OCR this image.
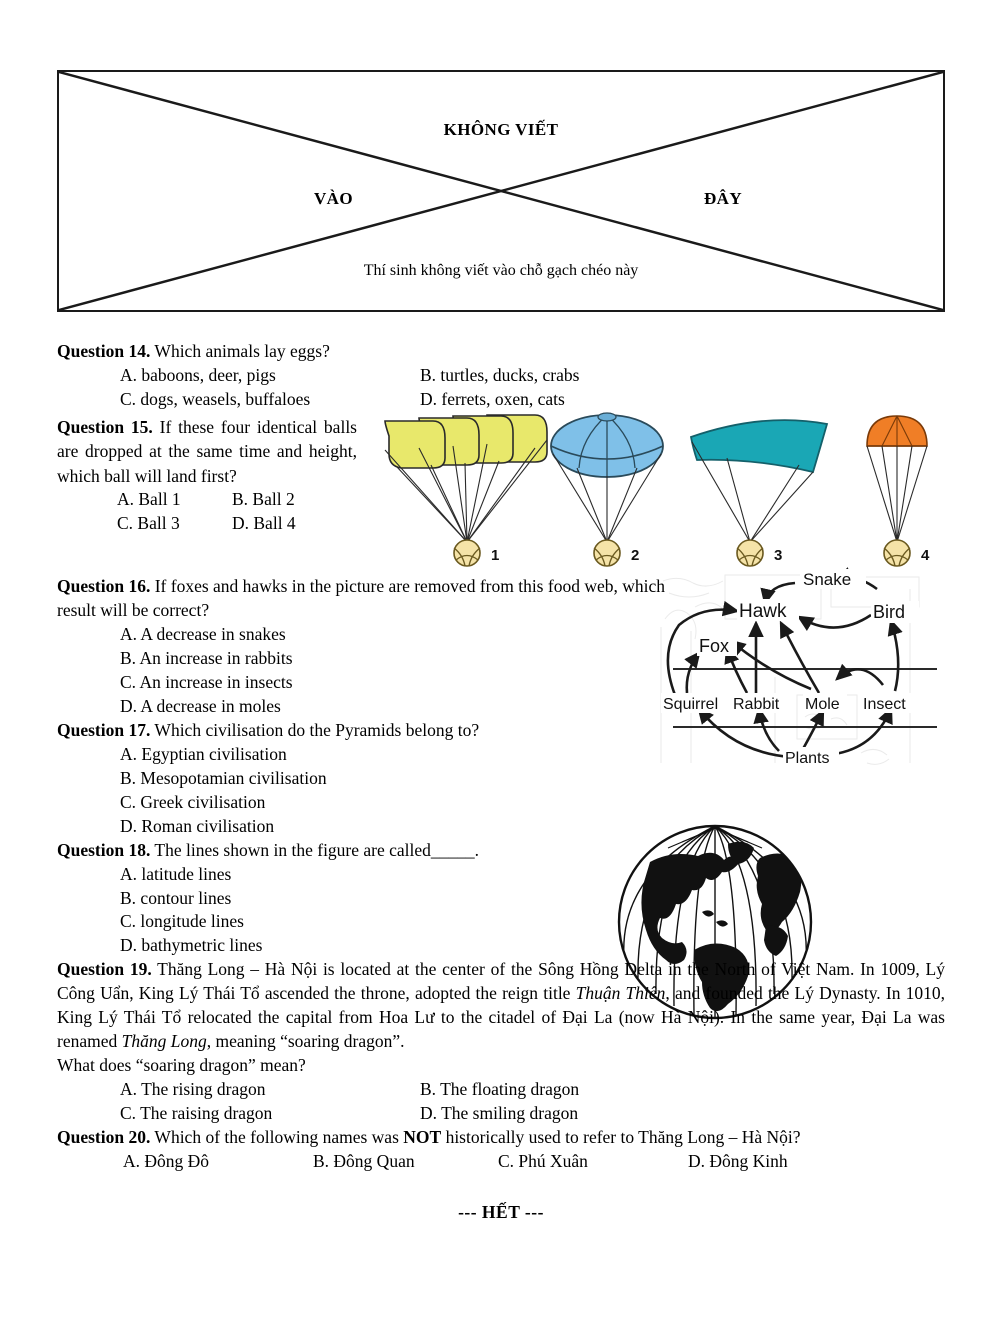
KHÔNG VIẾT
VÀO	ĐÂY
Thí sinh không viết vào chỗ gạch chéo này

Question 14. Which animals lay eggs?

A. baboons, deer, pigs	B. turtles, ducks, crabs
C. dogs, weasels, buffaloes	D. ferrets, oxen, cats

Question 15. If these four identical balls are dropped at the same time and height, which ball will land first?

A. Ball 1	B. Ball 2
C. Ball 3	D. Ball 4
1	2	3	4

Question 16. If foxes and hawks in the picture are removed from this food web, which result will be correct?

A. A decrease in snakes
B. An increase in rabbits
C. An increase in insects
D. A decrease in moles
Snake
Hawk	Bird
Fox
Squirrel Rabbit Mole Insect
Plants

Question 17. Which civilisation do the Pyramids belong to?

A. Egyptian civilisation
B. Mesopotamian civilisation
C. Greek civilisation
D. Roman civilisation

Question 18. The lines shown in the figure are called_____.

A. latitude lines
B. contour lines
C. longitude lines
D. bathymetric lines

Question 19. Thăng Long – Hà Nội is located at the center of the Sông Hồng Delta in the North of Việt Nam. In 1009, Lý Công Uẩn, King Lý Thái Tổ ascended the throne, adopted the reign title Thuận Thiên, and founded the Lý Dynasty. In 1010, King Lý Thái Tổ relocated the capital from Hoa Lư to the citadel of Đại La (now Hà Nội). In the same year, Đại La was renamed Thăng Long, meaning “soaring dragon”.

What does “soaring dragon” mean?

A. The rising dragon	B. The floating dragon
C. The raising dragon	D. The smiling dragon

Question 20. Which of the following names was NOT historically used to refer to Thăng Long – Hà Nội?

A. Đông Đô	B. Đông Quan	C. Phú Xuân	D. Đông Kinh
--- HẾT ---
